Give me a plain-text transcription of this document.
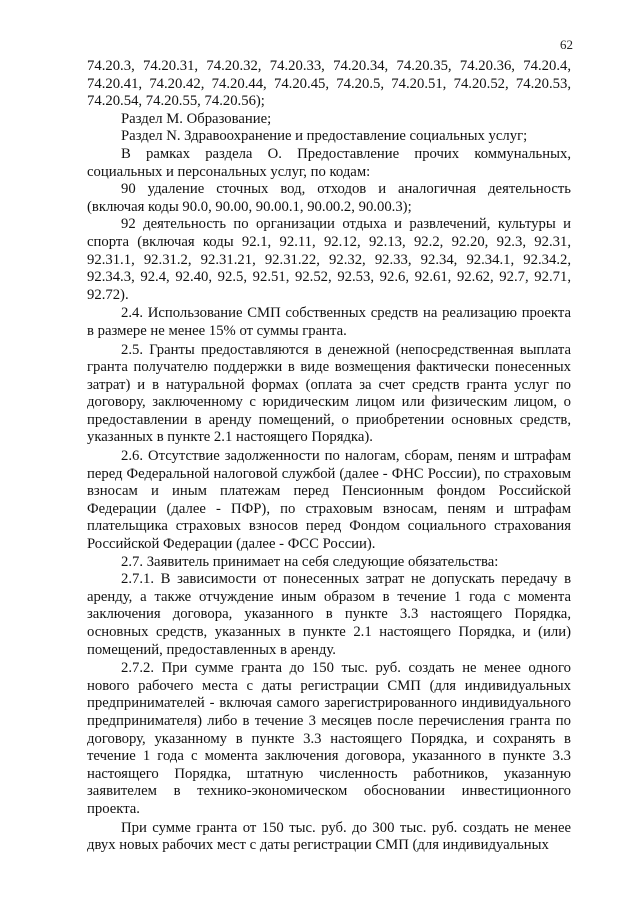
62

74.20.3, 74.20.31, 74.20.32, 74.20.33, 74.20.34, 74.20.35, 74.20.36, 74.20.4, 74.20.41, 74.20.42, 74.20.44, 74.20.45, 74.20.5, 74.20.51, 74.20.52, 74.20.53, 74.20.54, 74.20.55, 74.20.56);

Раздел М. Образование;

Раздел N. Здравоохранение и предоставление социальных услуг;

В рамках раздела О. Предоставление прочих коммунальных, социальных и персональных услуг, по кодам:

90 удаление сточных вод, отходов и аналогичная деятельность (включая коды 90.0, 90.00, 90.00.1, 90.00.2, 90.00.3);

92 деятельность по организации отдыха и развлечений, культуры и спорта (включая коды 92.1, 92.11, 92.12, 92.13, 92.2, 92.20, 92.3, 92.31, 92.31.1, 92.31.2, 92.31.21, 92.31.22, 92.32, 92.33, 92.34, 92.34.1, 92.34.2, 92.34.3, 92.4, 92.40, 92.5, 92.51, 92.52, 92.53, 92.6, 92.61, 92.62, 92.7, 92.71, 92.72).

2.4. Использование СМП собственных средств на реализацию проекта в размере не менее 15% от суммы гранта.

2.5. Гранты предоставляются в денежной (непосредственная выплата гранта получателю поддержки в виде возмещения фактически понесенных затрат) и в натуральной формах (оплата за счет средств гранта услуг по договору, заключенному с юридическим лицом или физическим лицом, о предоставлении в аренду помещений, о приобретении основных средств, указанных в пункте 2.1 настоящего Порядка).

2.6. Отсутствие задолженности по налогам, сборам, пеням и штрафам перед Федеральной налоговой службой (далее - ФНС России), по страховым взносам и иным платежам перед Пенсионным фондом Российской Федерации (далее - ПФР), по страховым взносам, пеням и штрафам плательщика страховых взносов перед Фондом социального страхования Российской Федерации (далее - ФСС России).

2.7. Заявитель принимает на себя следующие обязательства:

2.7.1. В зависимости от понесенных затрат не допускать передачу в аренду, а также отчуждение иным образом в течение 1 года с момента заключения договора, указанного в пункте 3.3 настоящего Порядка, основных средств, указанных в пункте 2.1 настоящего Порядка, и (или) помещений, предоставленных в аренду.

2.7.2. При сумме гранта до 150 тыс. руб. создать не менее одного нового рабочего места с даты регистрации СМП (для индивидуальных предпринимателей - включая самого зарегистрированного индивидуального предпринимателя) либо в течение 3 месяцев после перечисления гранта по договору, указанному в пункте 3.3 настоящего Порядка, и сохранять в течение 1 года с момента заключения договора, указанного в пункте 3.3 настоящего Порядка, штатную численность работников, указанную заявителем в технико-экономическом обосновании инвестиционного проекта.

При сумме гранта от 150 тыс. руб. до 300 тыс. руб. создать не менее двух новых рабочих мест с даты регистрации СМП (для индивидуальных
